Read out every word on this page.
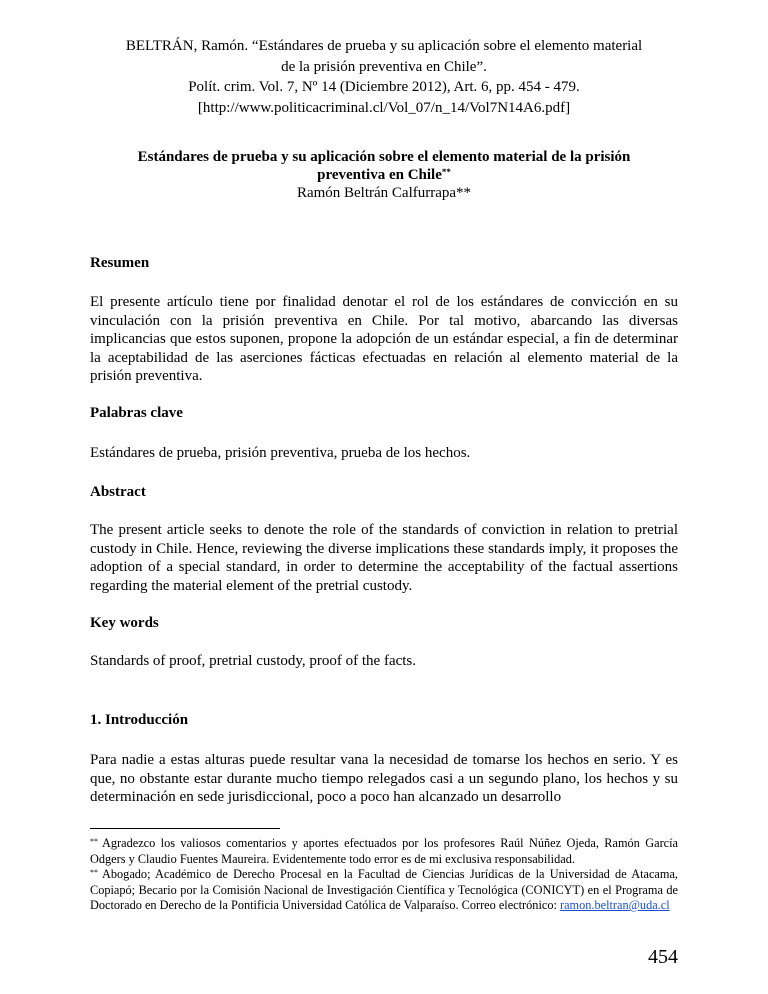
BELTRÁN, Ramón. “Estándares de prueba y su aplicación sobre el elemento material
de la prisión preventiva en Chile”.
Polít. crim. Vol. 7, Nº 14 (Diciembre 2012), Art. 6, pp. 454 - 479.
[http://www.politicacriminal.cl/Vol_07/n_14/Vol7N14A6.pdf]
Estándares de prueba y su aplicación sobre el elemento material de la prisión
preventiva en Chile**
Ramón Beltrán Calfurrapa**
Resumen
El presente artículo tiene por finalidad denotar el rol de los estándares de convicción en su vinculación con la prisión preventiva en Chile. Por tal motivo, abarcando las diversas implicancias que estos suponen, propone la adopción de un estándar especial, a fin de determinar la aceptabilidad de las aserciones fácticas efectuadas en relación al elemento material de la prisión preventiva.
Palabras clave
Estándares de prueba, prisión preventiva, prueba de los hechos.
Abstract
The present article seeks to denote the role of the standards of conviction in relation to pretrial custody in Chile. Hence, reviewing the diverse implications these standards imply, it proposes the adoption of a special standard, in order to determine the acceptability of the factual assertions regarding the material element of the pretrial custody.
Key words
Standards of proof, pretrial custody, proof of the facts.
1. Introducción
Para nadie a estas alturas puede resultar vana la necesidad de tomarse los hechos en serio. Y es que, no obstante estar durante mucho tiempo relegados casi a un segundo plano, los hechos y su determinación en sede jurisdiccional, poco a poco han alcanzado un desarrollo
** Agradezco los valiosos comentarios y aportes efectuados por los profesores Raúl Núñez Ojeda, Ramón García Odgers y Claudio Fuentes Maureira. Evidentemente todo error es de mi exclusiva responsabilidad.
** Abogado; Académico de Derecho Procesal en la Facultad de Ciencias Jurídicas de la Universidad de Atacama, Copiapó; Becario por la Comisión Nacional de Investigación Científica y Tecnológica (CONICYT) en el Programa de Doctorado en Derecho de la Pontificia Universidad Católica de Valparaíso. Correo electrónico: ramon.beltran@uda.cl
454
